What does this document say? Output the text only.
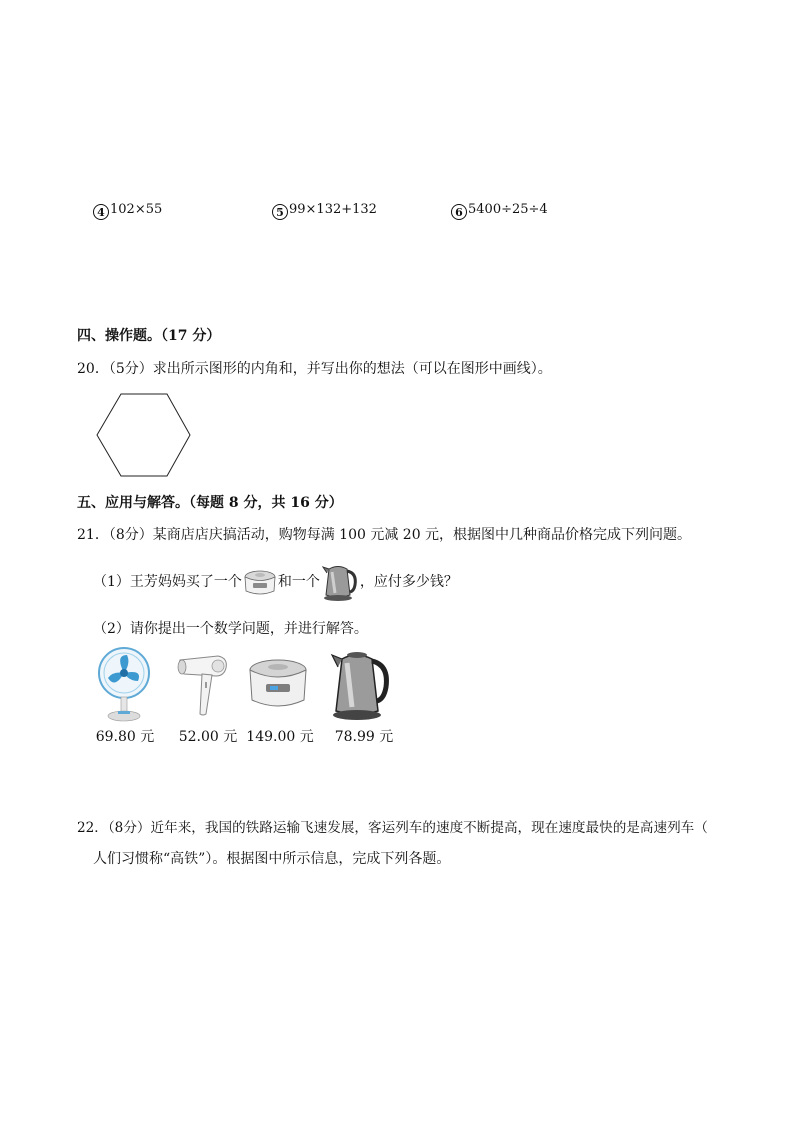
4 102×55	5 99×132+132	6 5400÷25÷4
四、操作题。（17 分）
20．（5分）求出所示图形的内角和，并写出你的想法（可以在图形中画线）。
五、应用与解答。（每题 8 分，共 16 分）
21．（8分）某商店店庆搞活动，购物每满 100 元减 20 元，根据图中几种商品价格完成下列问题。
（1）王芳妈妈买了一个	和一个	，应付多少钱？
（2）请你提出一个数学问题，并进行解答。
69.80 元	52.00 元 149.00 元	78.99 元
22．（8分）近年来，我国的铁路运输飞速发展，客运列车的速度不断提高，现在速度最快的是高速列车（
人们习惯称“高铁”）。根据图中所示信息，完成下列各题。
